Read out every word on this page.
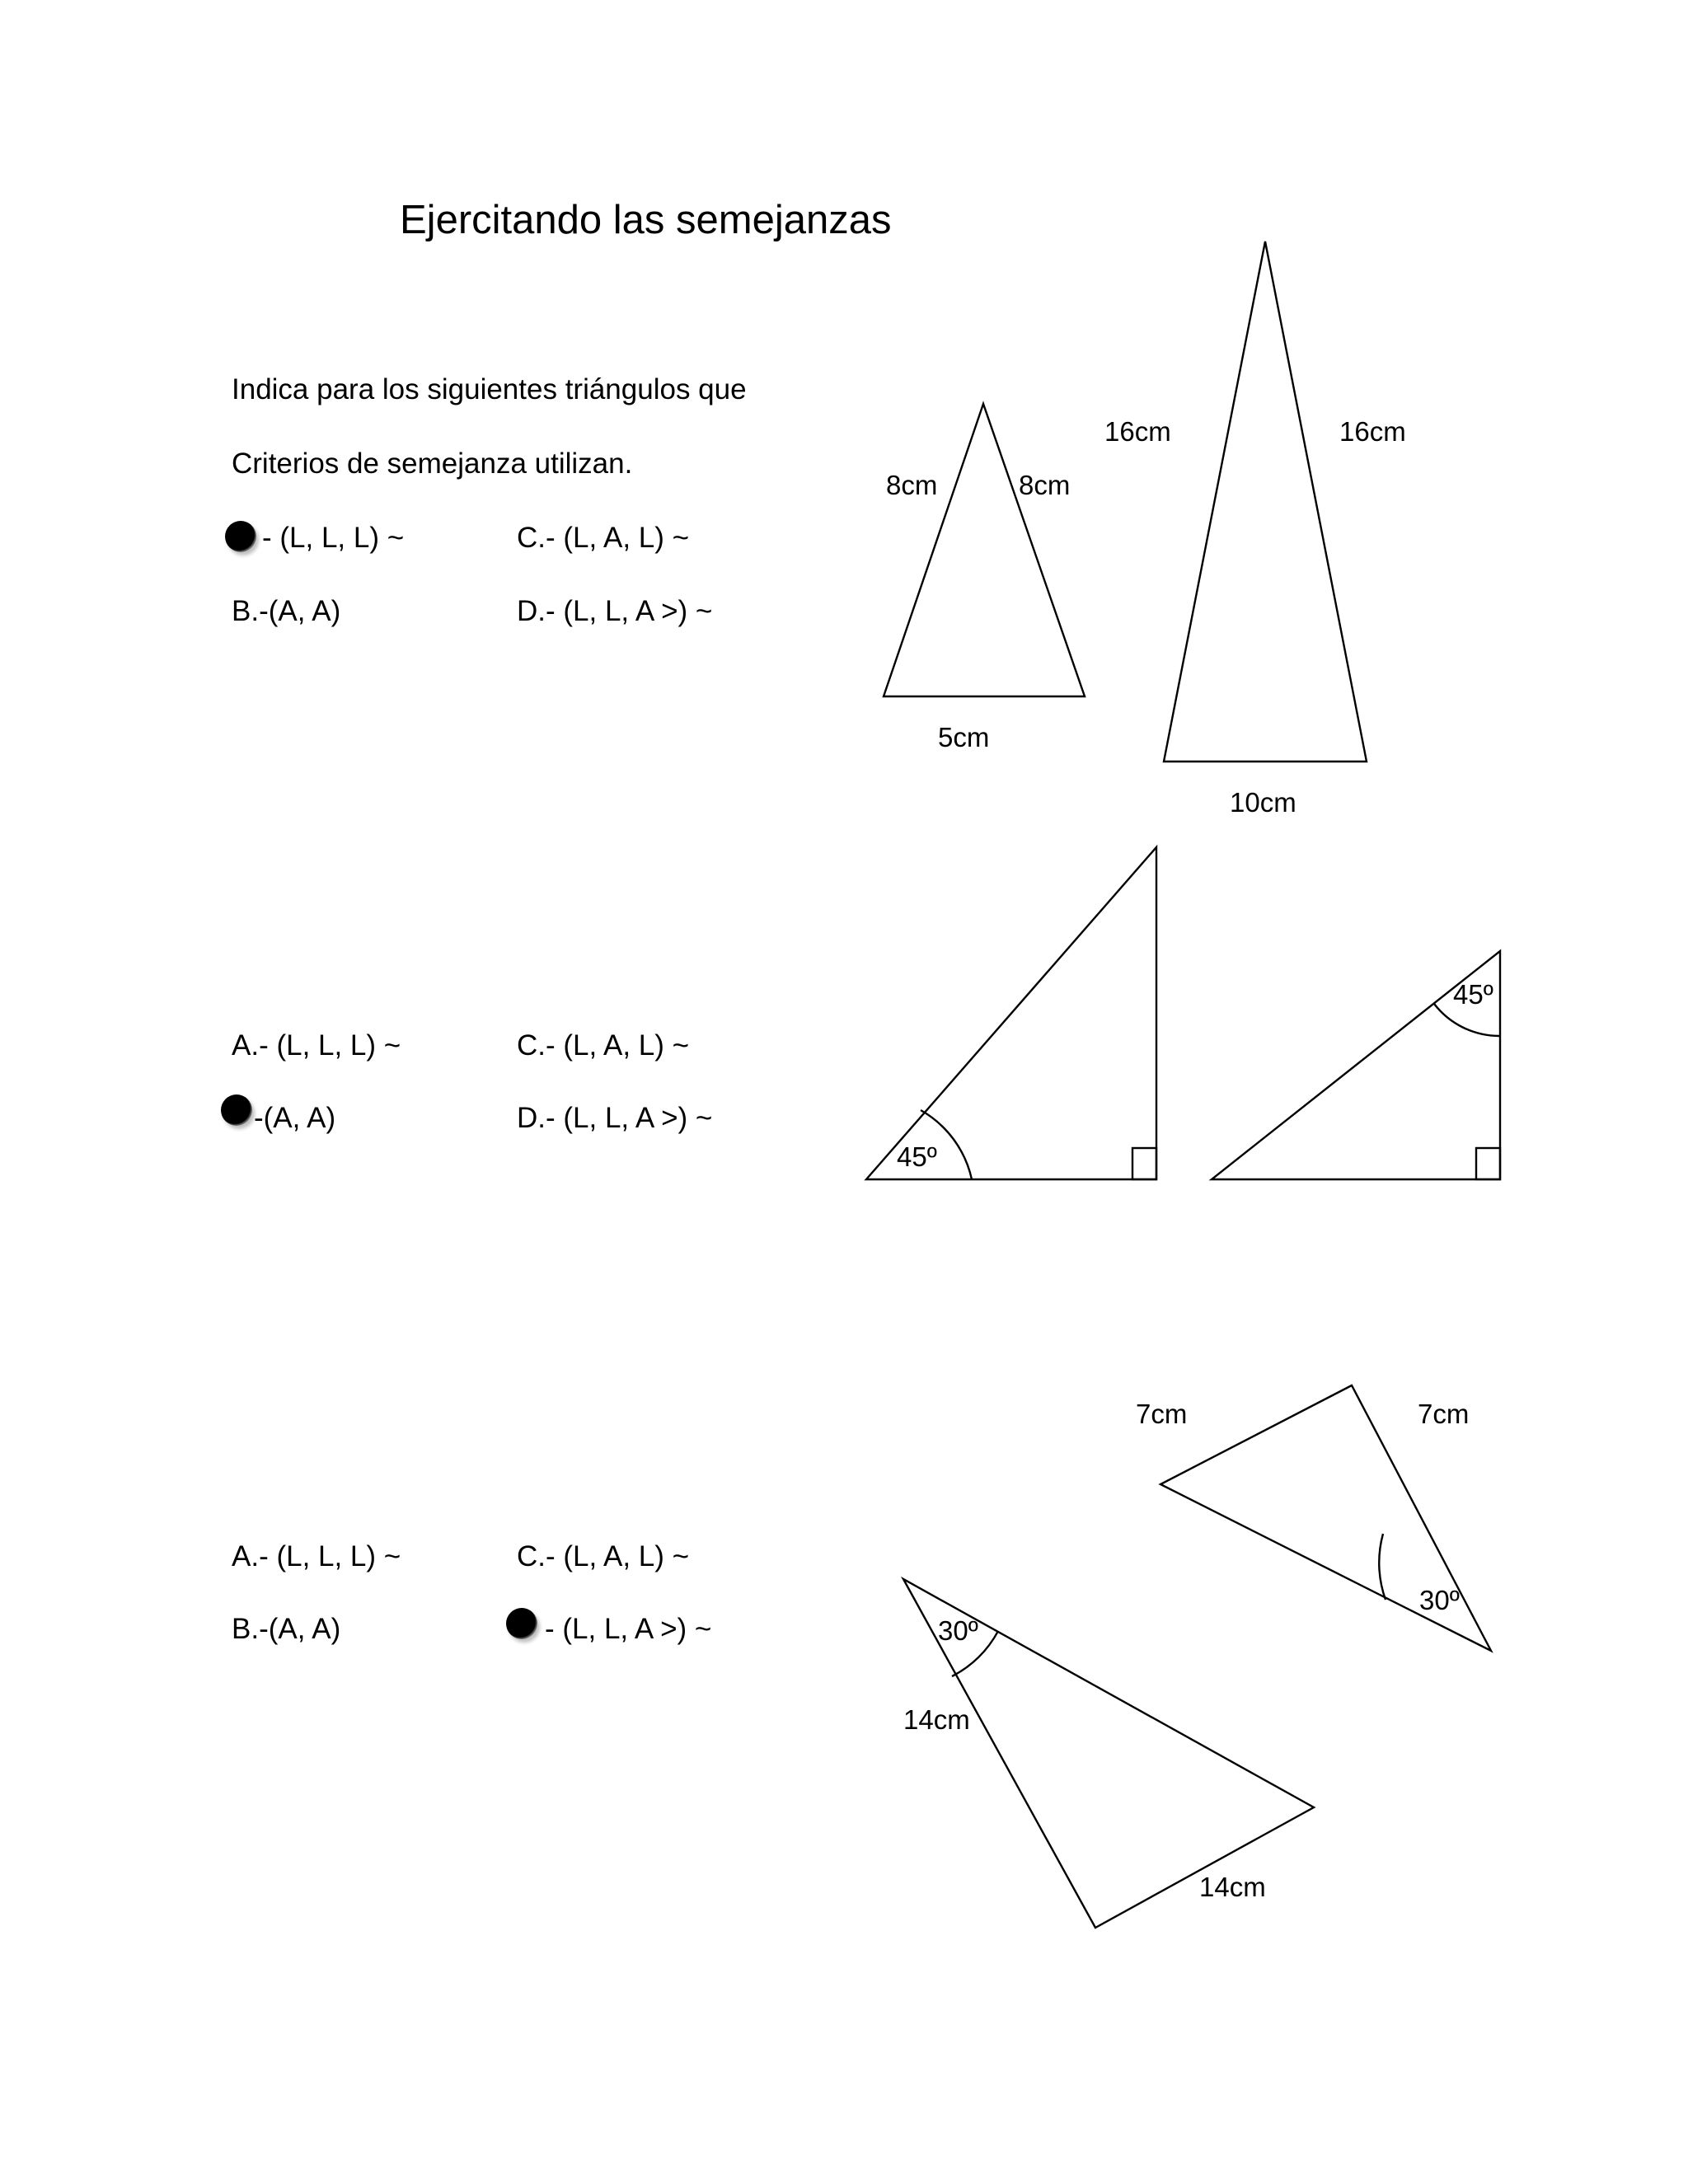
Ejercitando las semejanzas
Indica para los siguientes triángulos que
Criterios de semejanza utilizan.
- (L, L, L) ~	C.- (L, A, L) ~
B.-(A, A)	D.- (L, L, A >) ~
A.- (L, L, L) ~	C.- (L, A, L) ~
-(A, A)	D.- (L, L, A >) ~
A.- (L, L, L) ~	C.- (L, A, L) ~
B.-(A, A)	- (L, L, A >) ~
8cm	8cm
5cm
16cm	16cm
10cm
45º
45º
7cm	7cm
30º
30º
14cm
14cm
